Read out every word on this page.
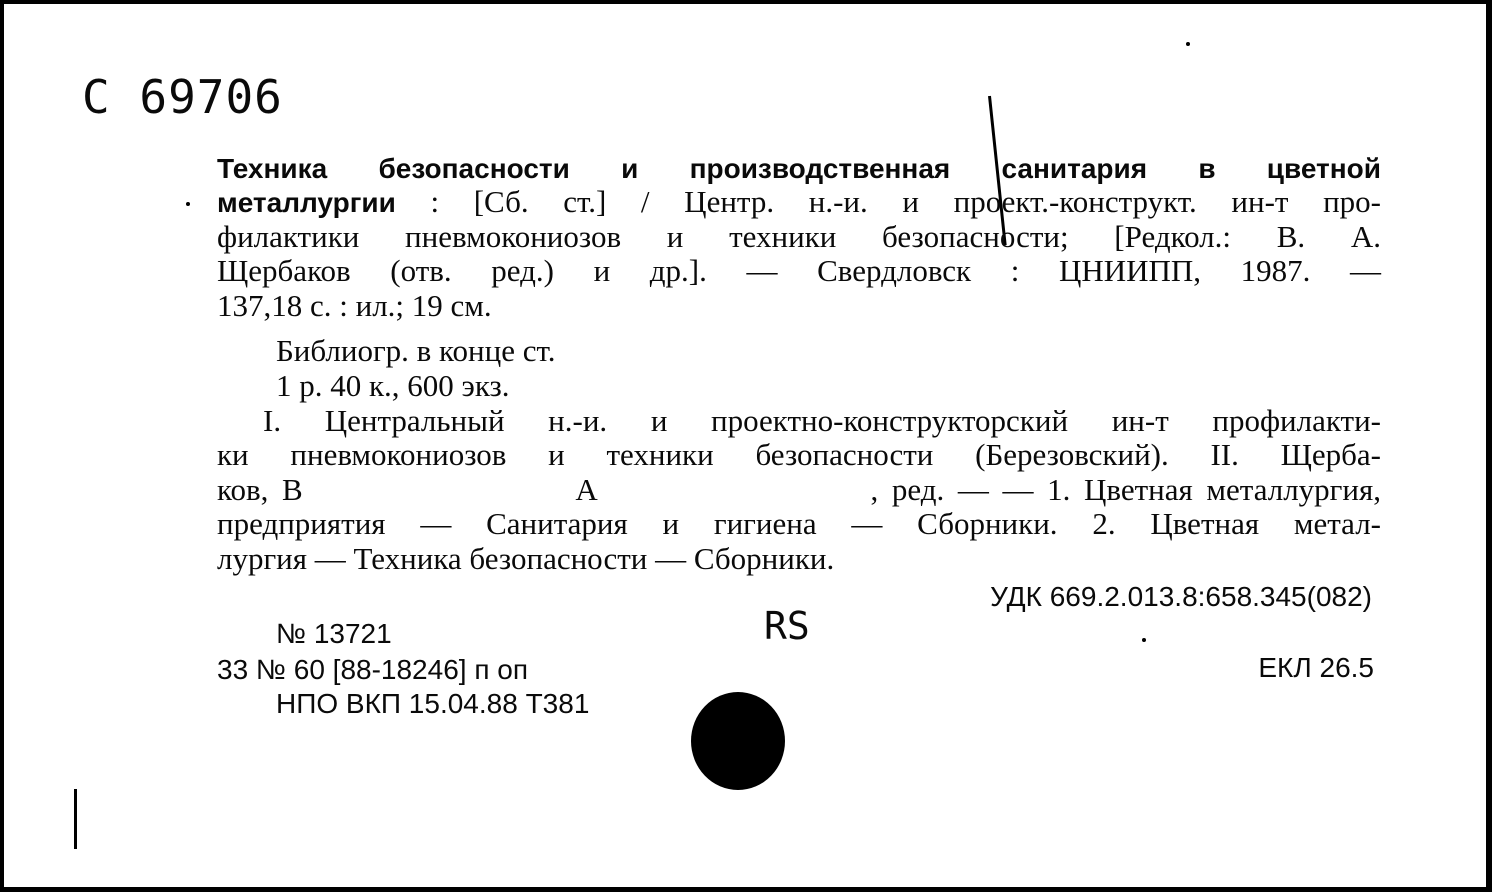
С 69706
Техника безопасности и производственная санитария в цветной
металлургии : [Сб. ст.] / Центр. н.-и. и проект.-конструкт. ин-т про-
филактики пневмокониозов и техники безопасности; [Редкол.: В. А.
Щербаков (отв. ред.) и др.]. — Свердловск : ЦНИИПП, 1987. —
137,18 с. : ил.; 19 см.
Библиогр. в конце ст.
1 р. 40 к., 600 экз.
I. Центральный н.-и. и проектно-конструкторский ин-т профилакти-
ки пневмокониозов и техники безопасности (Березовский). II. Щерба-
ков, В                    А                    , ред. — — 1. Цветная металлургия,
предприятия — Санитария и гигиена — Сборники. 2. Цветная метал-
лургия — Техника безопасности — Сборники.
УДК 669.2.013.8:658.345(082)
RS
№ 13721
33 № 60 [88-18246] п оп
НПО ВКП 15.04.88 Т381
ЕКЛ 26.5
